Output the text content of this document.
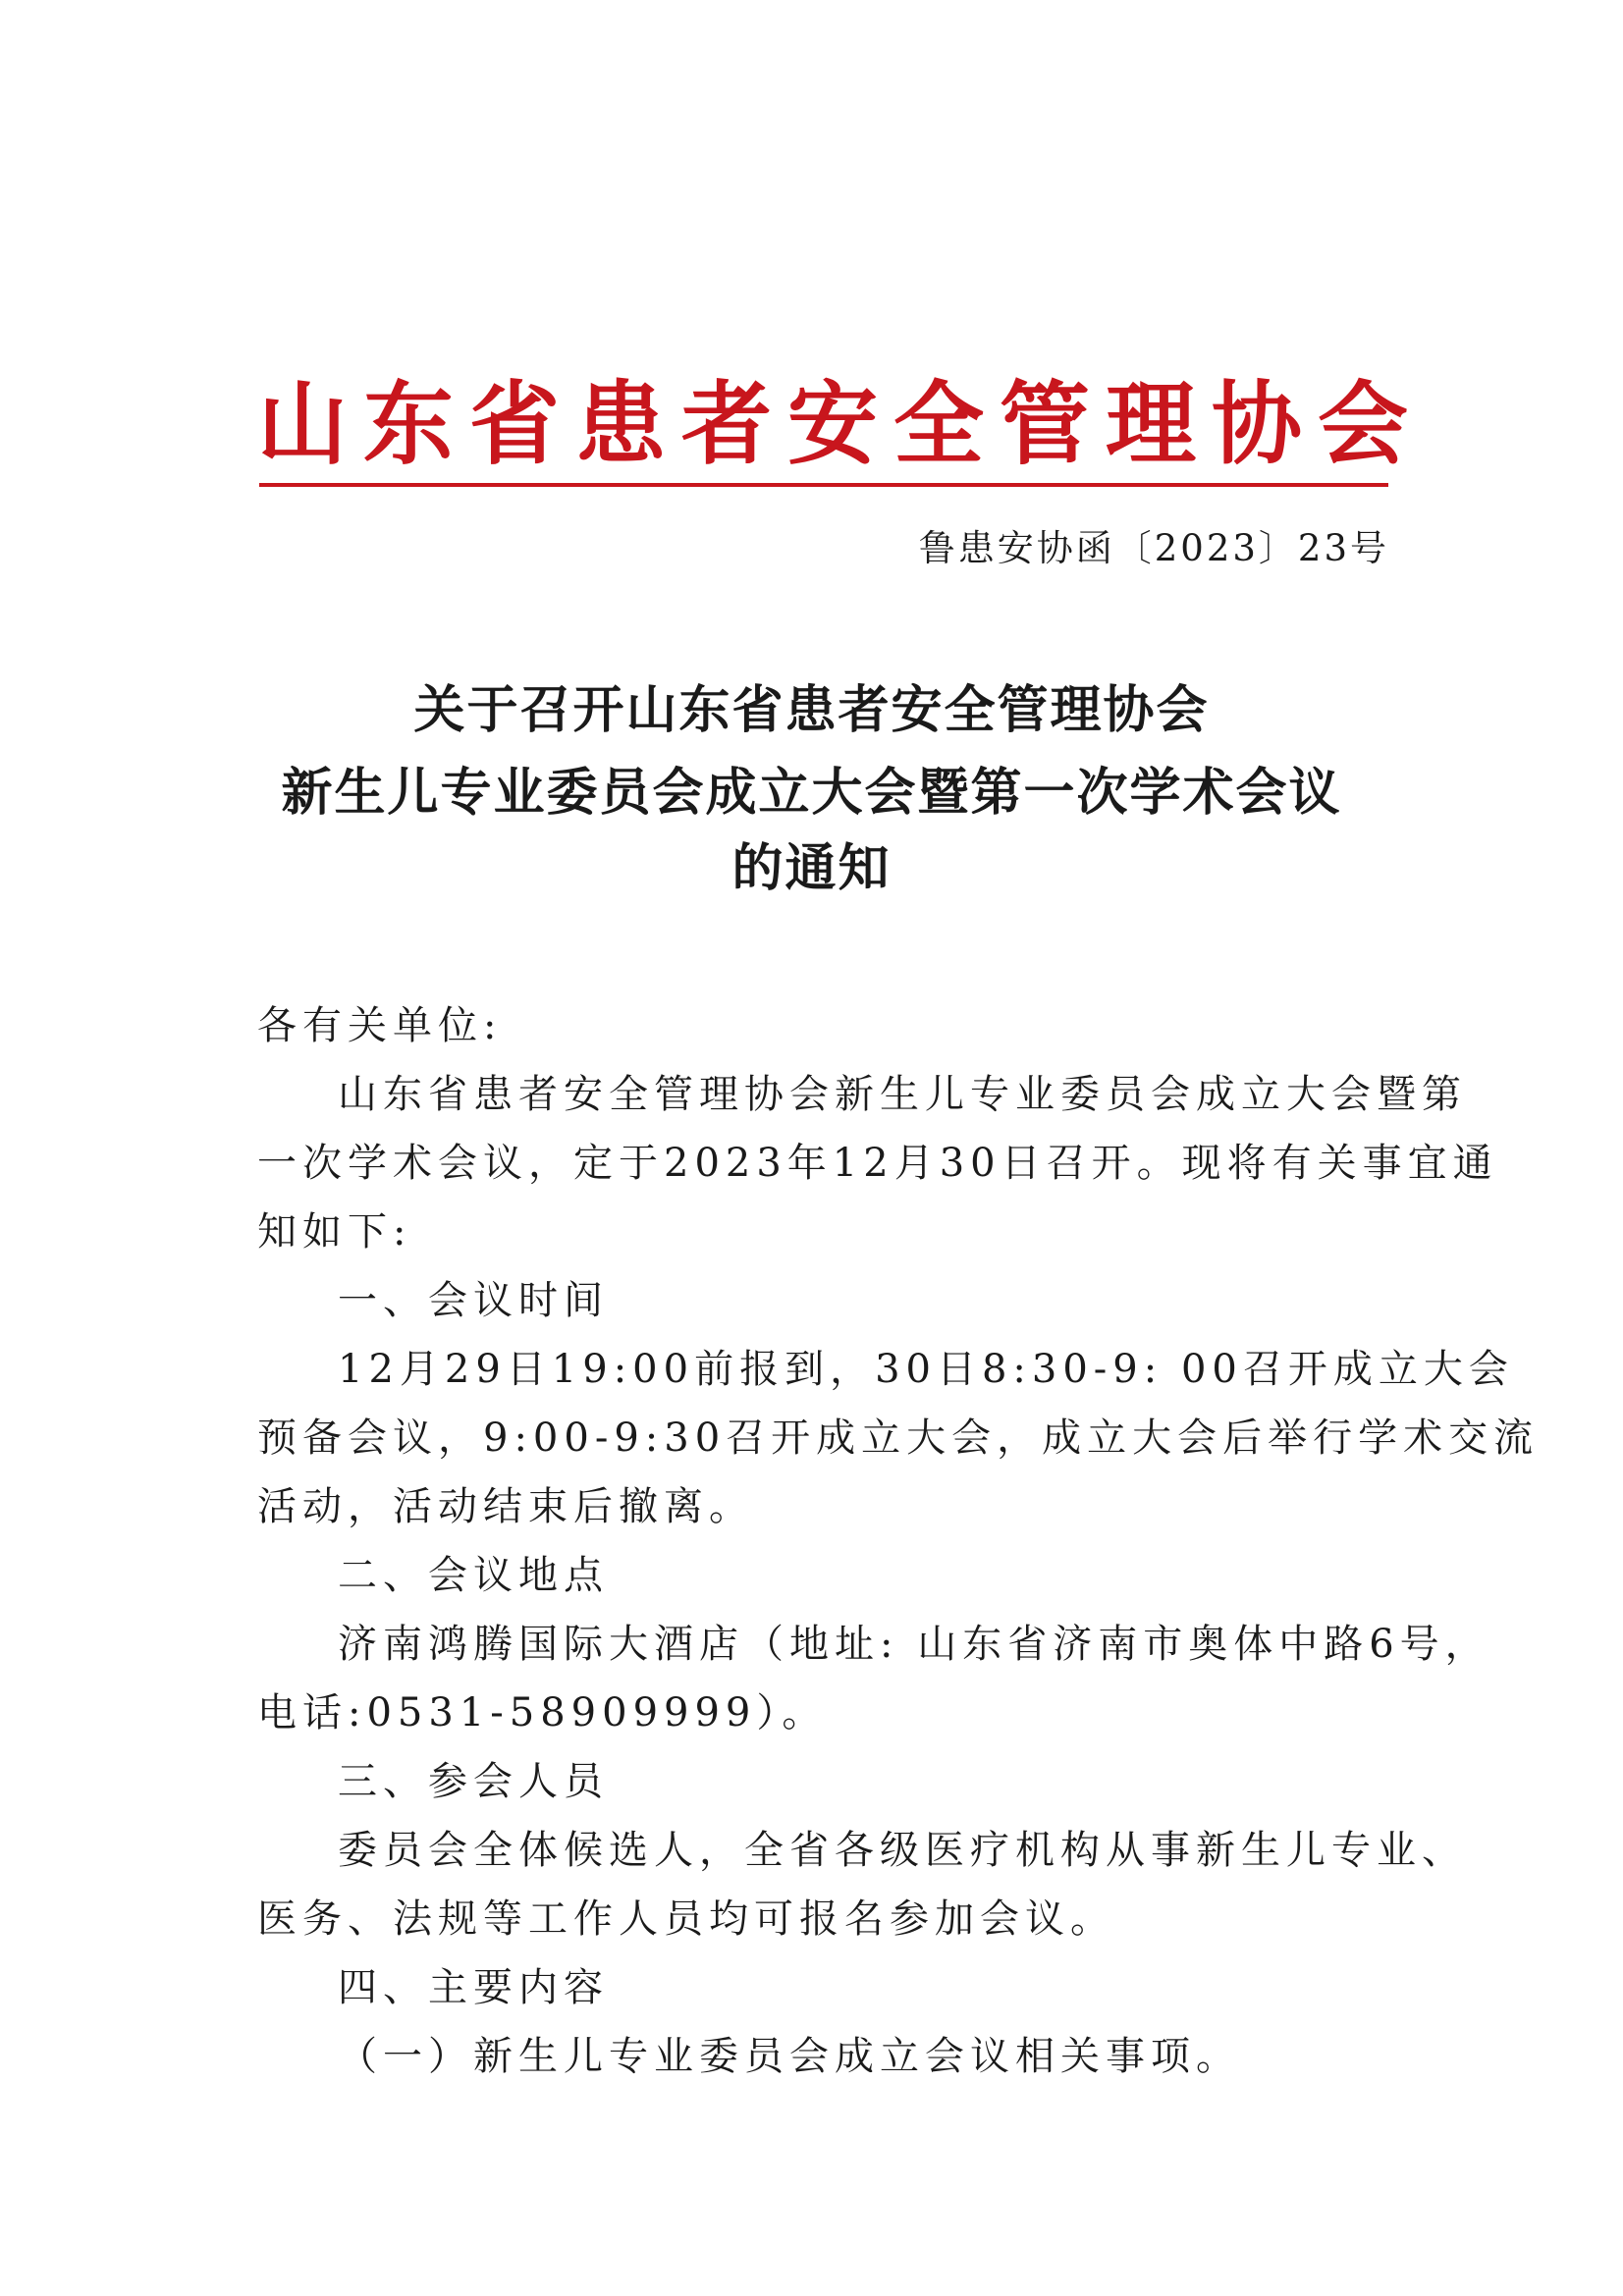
山东省患者安全管理协会
鲁患安协函〔2023〕23号
关于召开山东省患者安全管理协会
新生儿专业委员会成立大会暨第一次学术会议
的通知
各有关单位:
山东省患者安全管理协会新生儿专业委员会成立大会暨第
一次学术会议，定于2023年12月30日召开。现将有关事宜通
知如下:
一、会议时间
12月29日19:00前报到，30日8:30-9: 00召开成立大会
预备会议，9:00-9:30召开成立大会，成立大会后举行学术交流
活动，活动结束后撤离。
二、会议地点
济南鸿腾国际大酒店（地址: 山东省济南市奥体中路6号，
电话:0531-58909999）。
三、参会人员
委员会全体候选人，全省各级医疗机构从事新生儿专业、
医务、法规等工作人员均可报名参加会议。
四、主要内容
（一）新生儿专业委员会成立会议相关事项。
